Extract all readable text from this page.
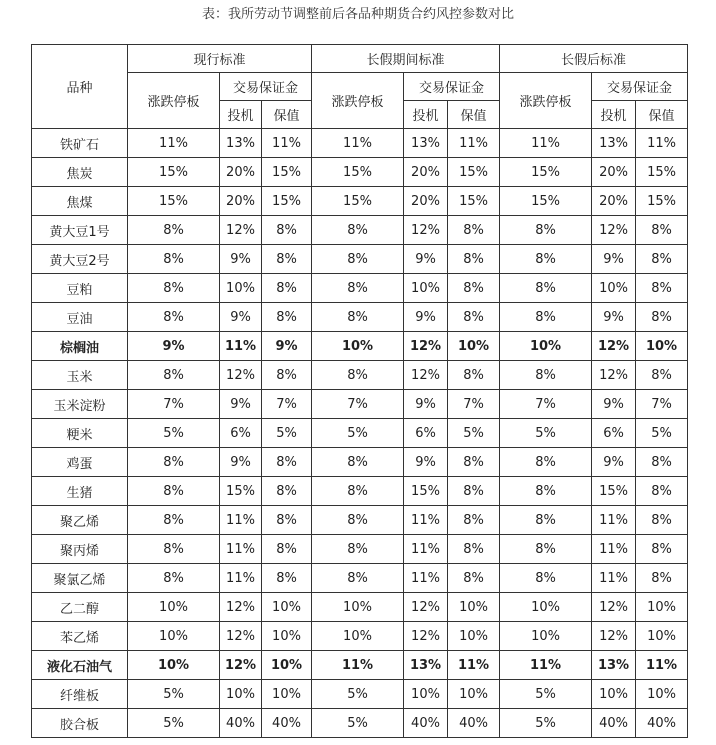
表：我所劳动节调整前后各品种期货合约风控参数对比
品种	现行标准			长假期间标准			长假后标准		
	涨跌停板	交易保证金		涨跌停板	交易保证金		涨跌停板	交易保证金	
		投机	保值		投机	保值		投机	保值
铁矿石	11%	13%	11%	11%	13%	11%	11%	13%	11%
焦炭	15%	20%	15%	15%	20%	15%	15%	20%	15%
焦煤	15%	20%	15%	15%	20%	15%	15%	20%	15%
黄大豆1号	8%	12%	8%	8%	12%	8%	8%	12%	8%
黄大豆2号	8%	9%	8%	8%	9%	8%	8%	9%	8%
豆粕	8%	10%	8%	8%	10%	8%	8%	10%	8%
豆油	8%	9%	8%	8%	9%	8%	8%	9%	8%
棕榈油	9%	11%	9%	10%	12%	10%	10%	12%	10%
玉米	8%	12%	8%	8%	12%	8%	8%	12%	8%
玉米淀粉	7%	9%	7%	7%	9%	7%	7%	9%	7%
粳米	5%	6%	5%	5%	6%	5%	5%	6%	5%
鸡蛋	8%	9%	8%	8%	9%	8%	8%	9%	8%
生猪	8%	15%	8%	8%	15%	8%	8%	15%	8%
聚乙烯	8%	11%	8%	8%	11%	8%	8%	11%	8%
聚丙烯	8%	11%	8%	8%	11%	8%	8%	11%	8%
聚氯乙烯	8%	11%	8%	8%	11%	8%	8%	11%	8%
乙二醇	10%	12%	10%	10%	12%	10%	10%	12%	10%
苯乙烯	10%	12%	10%	10%	12%	10%	10%	12%	10%
液化石油气	10%	12%	10%	11%	13%	11%	11%	13%	11%
纤维板	5%	10%	10%	5%	10%	10%	5%	10%	10%
胶合板	5%	40%	40%	5%	40%	40%	5%	40%	40%
